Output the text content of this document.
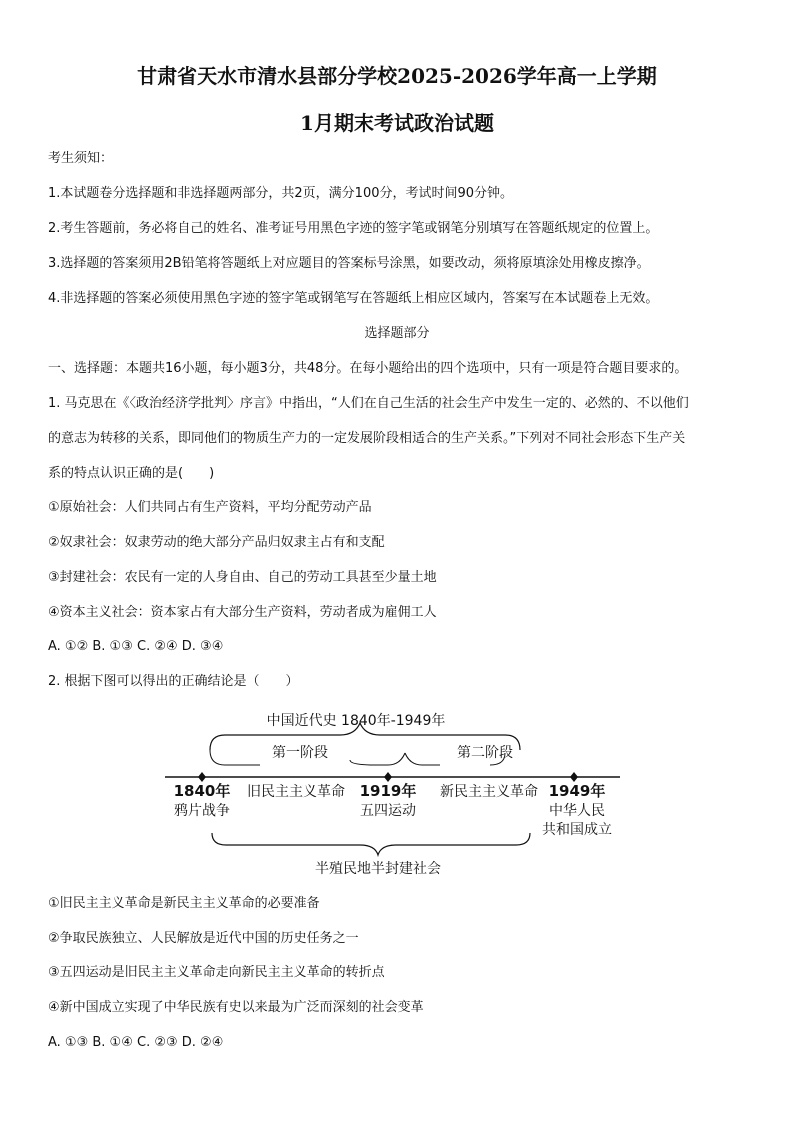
甘肃省天水市清水县部分学校2025-2026学年高一上学期
1月期末考试政治试题
考生须知：
1.本试题卷分选择题和非选择题两部分，共2页，满分100分，考试时间90分钟。
2.考生答题前，务必将自己的姓名、准考证号用黑色字迹的签字笔或钢笔分别填写在答题纸规定的位置上。
3.选择题的答案须用2B铅笔将答题纸上对应题目的答案标号涂黑，如要改动，须将原填涂处用橡皮擦净。
4.非选择题的答案必须使用黑色字迹的签字笔或钢笔写在答题纸上相应区域内，答案写在本试题卷上无效。
选择题部分
一、选择题：本题共16小题，每小题3分，共48分。在每小题给出的四个选项中，只有一项是符合题目要求的。
1. 马克思在《〈政治经济学批判〉序言》中指出，“人们在自己生活的社会生产中发生一定的、必然的、不以他们
的意志为转移的关系，即同他们的物质生产力的一定发展阶段相适合的生产关系。”下列对不同社会形态下生产关
系的特点认识正确的是(　　)
①原始社会：人们共同占有生产资料，平均分配劳动产品
②奴隶社会：奴隶劳动的绝大部分产品归奴隶主占有和支配
③封建社会：农民有一定的人身自由、自己的劳动工具甚至少量土地
④资本主义社会：资本家占有大部分生产资料，劳动者成为雇佣工人
A. ①② B. ①③ C. ②④ D. ③④
2. 根据下图可以得出的正确结论是（　　）
中国近代史 1840年-1949年
第一阶段	第二阶段
1840年
鸦片战争
旧民主主义革命 1919年
五四运动
新民主主义革命 1949年
中华人民
共和国成立
半殖民地半封建社会
①旧民主主义革命是新民主主义革命的必要准备
②争取民族独立、人民解放是近代中国的历史任务之一
③五四运动是旧民主主义革命走向新民主主义革命的转折点
④新中国成立实现了中华民族有史以来最为广泛而深刻的社会变革
A. ①③ B. ①④ C. ②③ D. ②④
